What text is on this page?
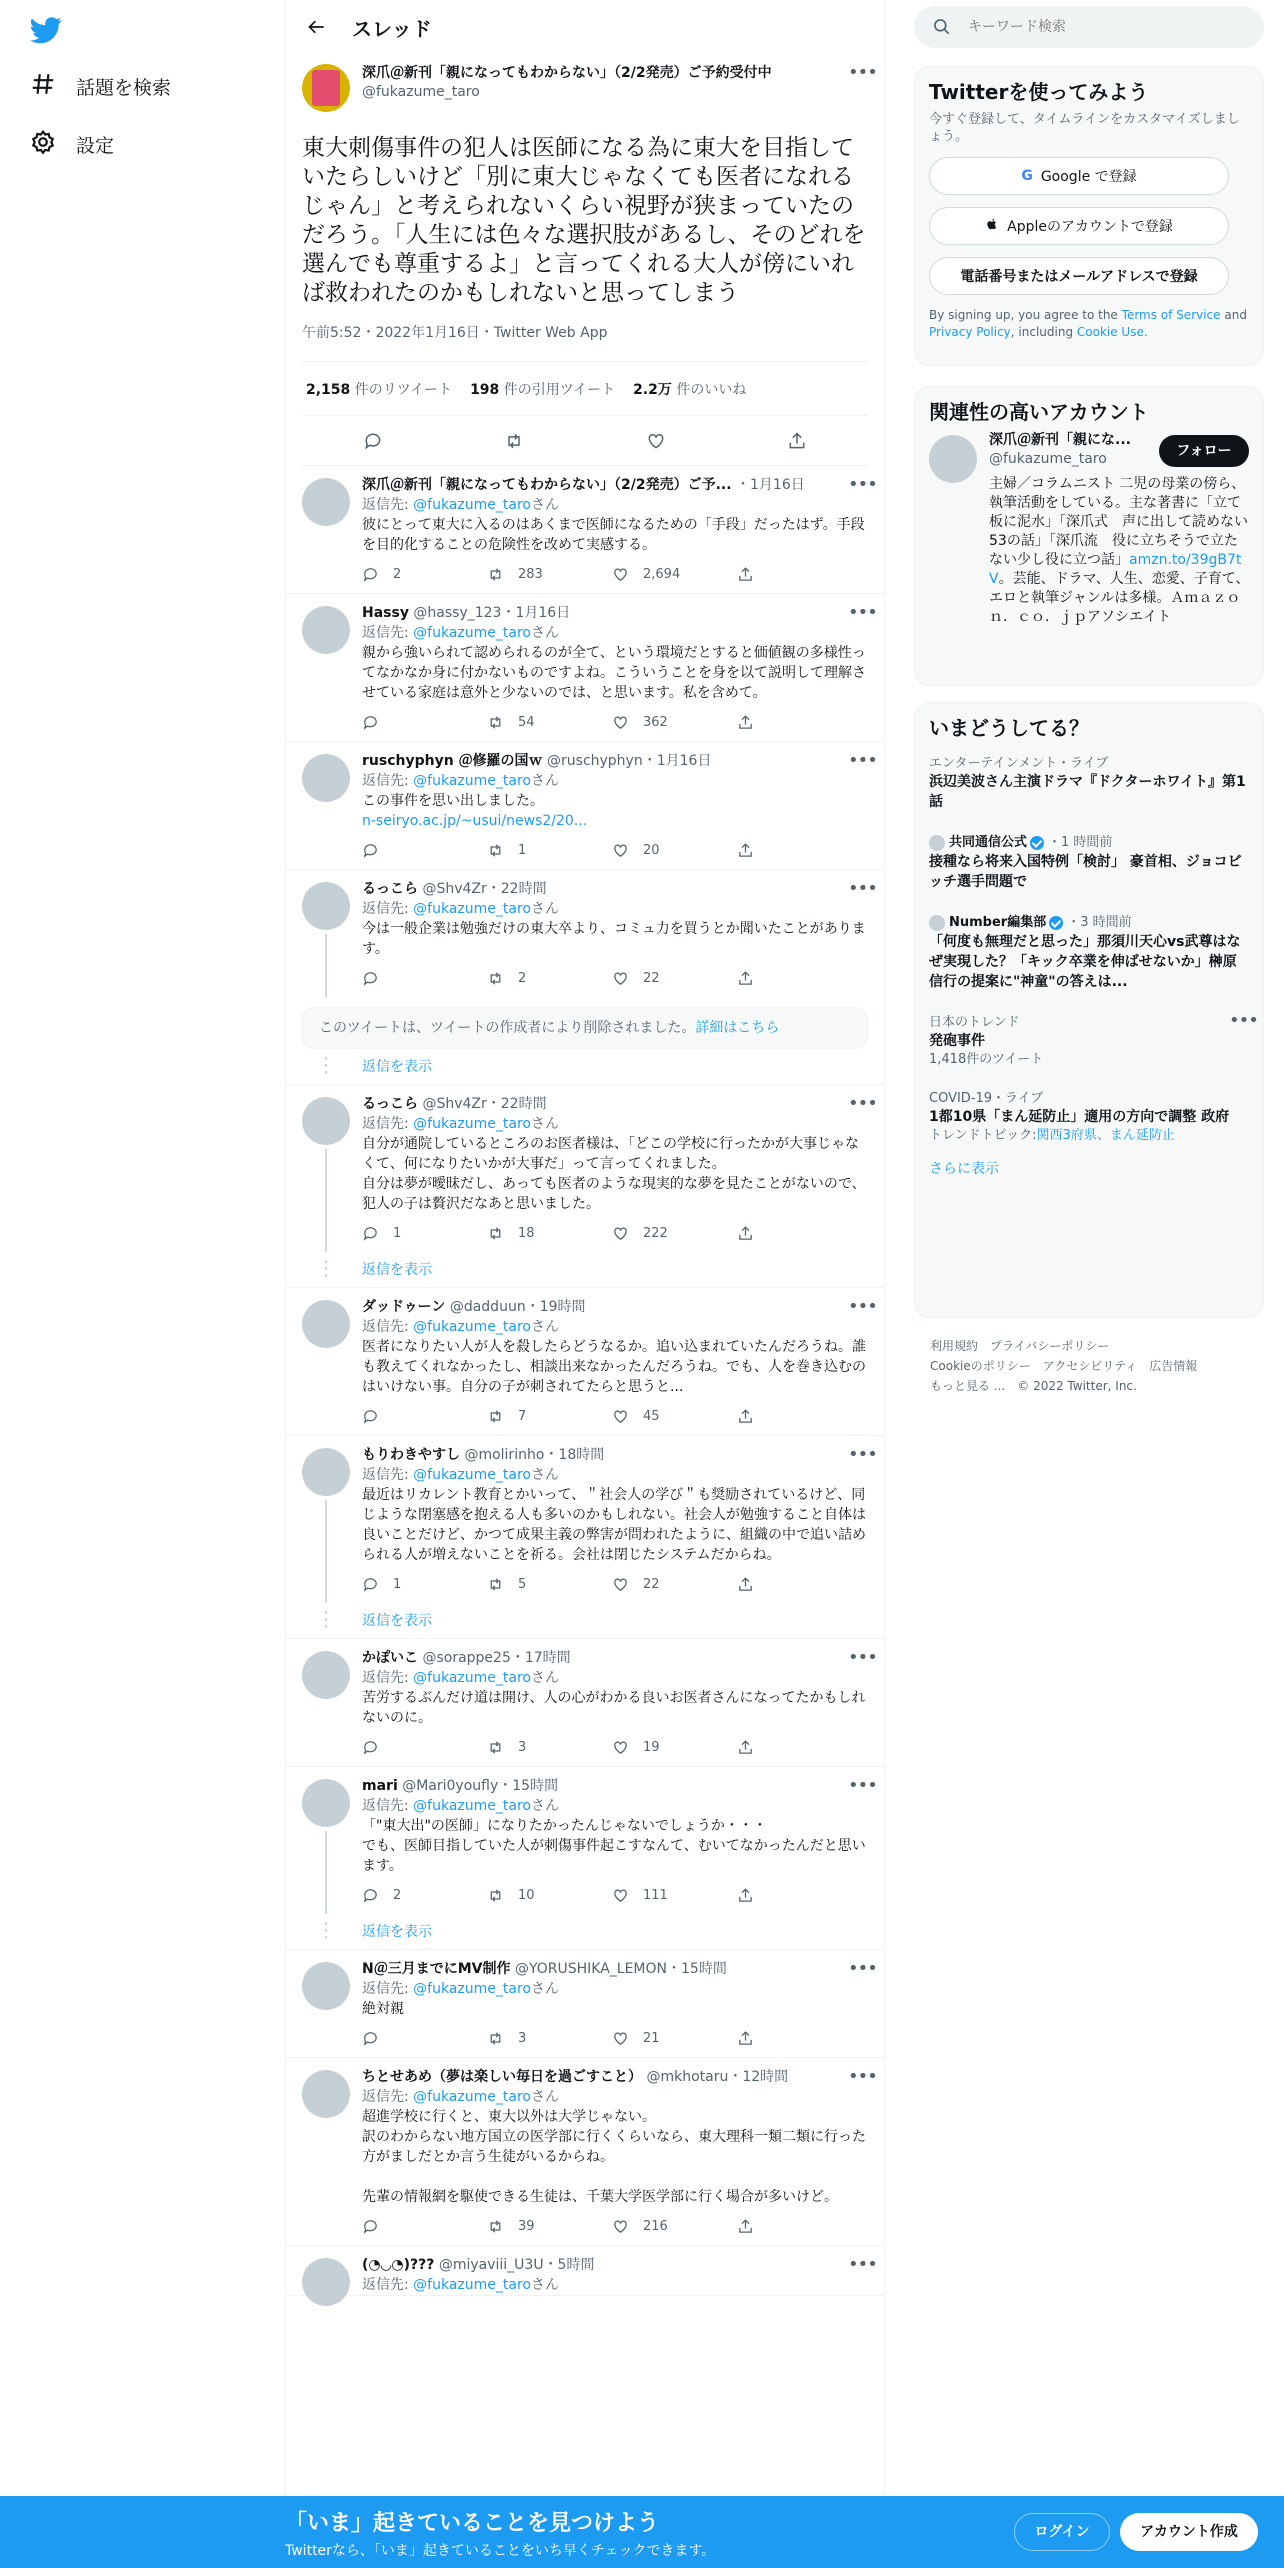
話題を検索
設定
スレッド
深爪＠新刊「親になってもわからない」（2/2発売）ご予約受付中
@fukazume_taro
•••
東大刺傷事件の犯人は医師になる為に東大を目指していたらしいけど「別に東大じゃなくても医者になれるじゃん」と考えられないくらい視野が狭まっていたのだろう。「人生には色々な選択肢があるし、そのどれを選んでも尊重するよ」と言ってくれる大人が傍にいれば救われたのかもしれないと思ってしまう
午前5:52・2022年1月16日・Twitter Web App
2,158 件のリツイート 198 件の引用ツイート 2.2万 件のいいね
•••
深爪＠新刊「親になってもわからない」（2/2発売）ご予... ・1月16日
返信先: @fukazume_taroさん
彼にとって東大に入るのはあくまで医師になるための「手段」だったはず。手段を目的化することの危険性を改めて実感する。
2	283	2,694
•••
Hassy @hassy_123・1月16日
返信先: @fukazume_taroさん
親から強いられて認められるのが全て、という環境だとすると価値観の多様性ってなかなか身に付かないものですよね。こういうことを身を以て説明して理解させている家庭は意外と少ないのでは、と思います。私を含めて。
54	362
•••
ruschyphyn ＠修羅の国ｗ @ruschyphyn・1月16日
返信先: @fukazume_taroさん
この事件を思い出しました。
n-seiryo.ac.jp/~usui/news2/20...
1	20
•••
るっこら @Shv4Zr・22時間
返信先: @fukazume_taroさん
今は一般企業は勉強だけの東大卒より、コミュ力を買うとか聞いたことがあります。
2	22
このツイートは、ツイートの作成者により削除されました。詳細はこちら
返信を表示
•••
るっこら @Shv4Zr・22時間
返信先: @fukazume_taroさん
自分が通院しているところのお医者様は、「どこの学校に行ったかが大事じゃなくて、何になりたいかが大事だ」って言ってくれました。
自分は夢が曖昧だし、あっても医者のような現実的な夢を見たことがないので、犯人の子は贅沢だなあと思いました。
1	18	222
返信を表示
•••
ダッドゥーン @dadduun・19時間
返信先: @fukazume_taroさん
医者になりたい人が人を殺したらどうなるか。追い込まれていたんだろうね。誰も教えてくれなかったし、相談出来なかったんだろうね。でも、人を巻き込むのはいけない事。自分の子が刺されてたらと思うと...
7	45
•••
もりわきやすし @molirinho・18時間
返信先: @fukazume_taroさん
最近はリカレント教育とかいって、＂社会人の学び＂も奨励されているけど、同じような閉塞感を抱える人も多いのかもしれない。社会人が勉強すること自体は良いことだけど、かつて成果主義の弊害が問われたように、組織の中で追い詰められる人が増えないことを祈る。会社は閉じたシステムだからね。
1	5	22
返信を表示
•••
かぽいこ @sorappe25・17時間
返信先: @fukazume_taroさん
苦労するぶんだけ道は開け、人の心がわかる良いお医者さんになってたかもしれないのに。
3	19
•••
mari @Mari0youfly・15時間
返信先: @fukazume_taroさん
「"東大出"の医師」になりたかったんじゃないでしょうか・・・
でも、医師目指していた人が刺傷事件起こすなんて、むいてなかったんだと思います。
2	10	111
返信を表示
•••
N＠三月までにMV制作 @YORUSHIKA_LEMON・15時間
返信先: @fukazume_taroさん
絶対親
3	21
•••
ちとせあめ（夢は楽しい毎日を過ごすこと） @mkhotaru・12時間
返信先: @fukazume_taroさん
超進学校に行くと、東大以外は大学じゃない。
訳のわからない地方国立の医学部に行くくらいなら、東大理科一類二類に行った方がましだとか言う生徒がいるからね。

先輩の情報網を駆使できる生徒は、千葉大学医学部に行く場合が多いけど。
39	216
•••
(◔◡◔)??? @miyaviii_U3U・5時間
返信先: @fukazume_taroさん
キーワード検索
Twitterを使ってみよう
今すぐ登録して、タイムラインをカスタマイズしましょう。
G Google で登録
Appleのアカウントで登録
電話番号またはメールアドレスで登録
By signing up, you agree to the Terms of Service and Privacy Policy, including Cookie Use.
関連性の高いアカウント
深爪＠新刊「親にな...
@fukazume_taro	フォロー
主婦／コラムニスト 二児の母業の傍ら、執筆活動をしている。主な著書に「立て板に泥水」「深爪式　声に出して読めない53の話」「深爪流　役に立ちそうで立たない少し役に立つ話」amzn.to/39gB7tV。芸能、ドラマ、人生、恋愛、子育て、エロと執筆ジャンルは多様。Ａｍａｚｏｎ．ｃｏ．ｊｐアソシエイト
いまどうしてる？
エンターテインメント・ライブ
浜辺美波さん主演ドラマ『ドクターホワイト』第1話
共同通信公式 ・1 時間前
接種なら将来入国特例「検討」 豪首相、ジョコビッチ選手問題で
Number編集部 ・3 時間前
「何度も無理だと思った」那須川天心vs武尊はなぜ実現した？「キック卒業を伸ばせないか」榊原信行の提案に"神童"の答えは...
日本のトレンド
発砲事件
1,418件のツイート
•••
COVID-19・ライブ
1都10県「まん延防止」適用の方向で調整 政府
トレンドトピック:関西3府県、まん延防止
さらに表示
利用規約 プライバシーポリシー
Cookieのポリシー アクセシビリティ 広告情報
もっと見る ... © 2022 Twitter, Inc.
「いま」起きていることを見つけよう
Twitterなら、「いま」起きていることをいち早くチェックできます。
ログイン	アカウント作成
